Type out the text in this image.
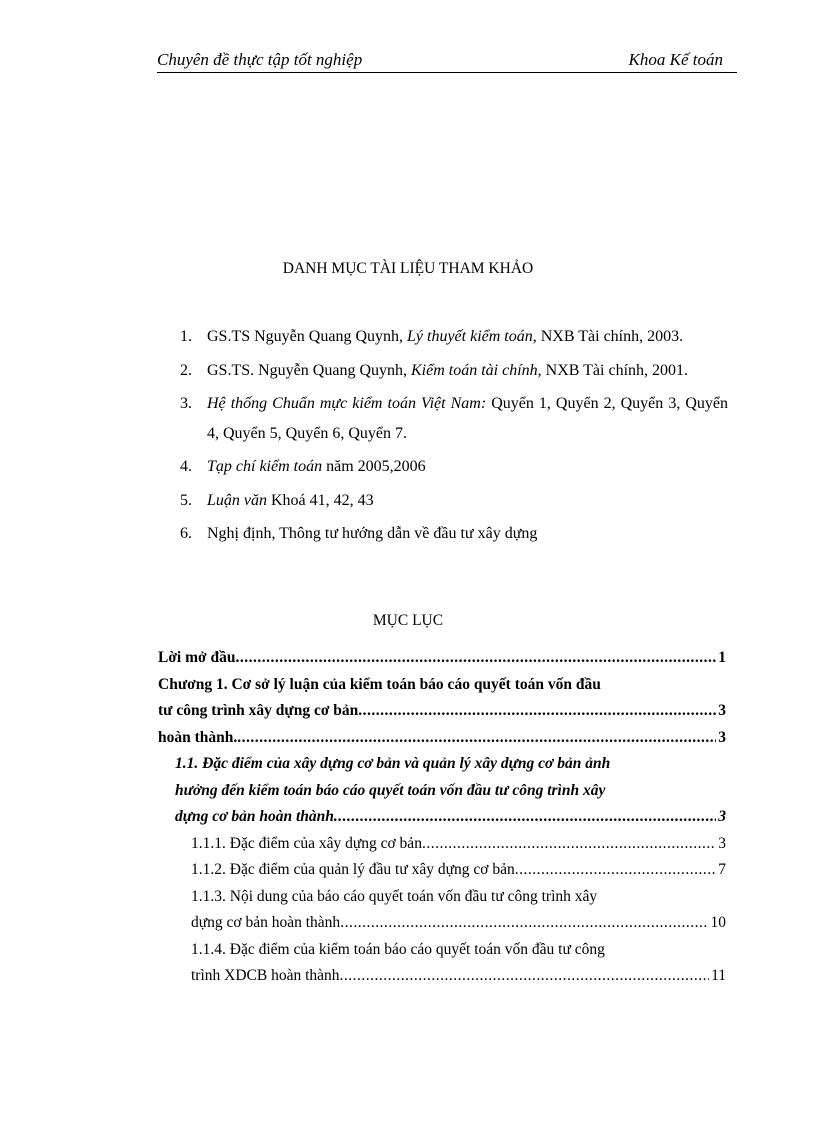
Chuyên đề thực tập tốt nghiệp	Khoa Kế toán
DANH MỤC TÀI LIỆU THAM KHẢO
1. GS.TS Nguyễn Quang Quynh, Lý thuyết kiểm toán, NXB Tài chính, 2003.
2. GS.TS. Nguyễn Quang Quynh, Kiểm toán tài chính, NXB Tài chính, 2001.
3. Hệ thống Chuẩn mực kiểm toán Việt Nam: Quyển 1, Quyển 2, Quyển 3, Quyển 4, Quyển 5, Quyển 6, Quyển 7.
4. Tạp chí kiểm toán năm 2005,2006
5. Luận văn Khoá 41, 42, 43
6. Nghị định, Thông tư hướng dẫn về đầu tư xây dựng
MỤC LỤC
Lời mở đầu .....	1
Chương 1. Cơ sở lý luận của kiểm toán báo cáo quyết toán vốn đầu
tư công trình xây dựng cơ bản .....	3
hoàn thành. .....	3
1.1. Đặc điểm của xây dựng cơ bản và quản lý xây dựng cơ bản ảnh
hưởng đến kiểm toán báo cáo quyết toán vốn đầu tư công trình xây
dựng cơ bản hoàn thành .....	3
1.1.1. Đặc điểm của xây dựng cơ bản .....	3
1.1.2. Đặc điểm của quản lý đầu tư xây dựng cơ bản .....	7
1.1.3. Nội dung của báo cáo quyết toán vốn đầu tư công trình xây
dựng cơ bản hoàn thành .....	10
1.1.4. Đặc điểm của kiểm toán báo cáo quyết toán vốn đầu tư công
trình XDCB hoàn thành .....	11
